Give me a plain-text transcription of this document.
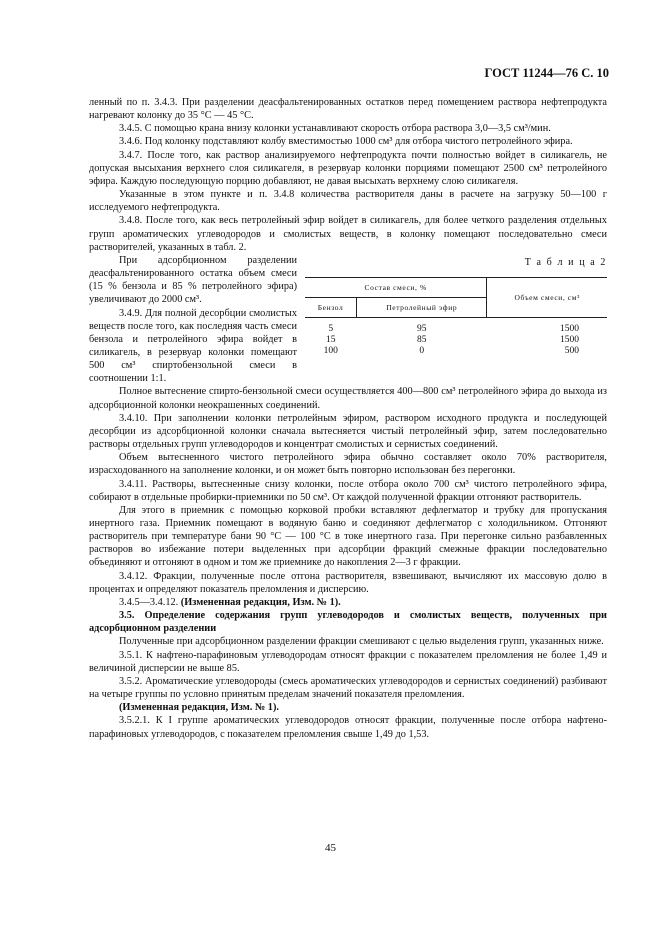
ГОСТ 11244—76 С. 10

ленный по п. 3.4.3. При разделении деасфальтенированных остатков перед помещением раствора нефтепродукта нагревают колонку до 35 °С — 45 °С.

3.4.5. С помощью крана внизу колонки устанавливают скорость отбора раствора 3,0—3,5 см³/мин.

3.4.6. Под колонку подставляют колбу вместимостью 1000 см³ для отбора чистого петролейного эфира.

3.4.7. После того, как раствор анализируемого нефтепродукта почти полностью войдет в силикагель, не допуская высыхания верхнего слоя силикагеля, в резервуар колонки порциями помещают 2500 см³ петролейного эфира. Каждую последующую порцию добавляют, не давая высыхать верхнему слою силикагеля.

Указанные в этом пункте и п. 3.4.8 количества растворителя даны в расчете на загрузку 50—100 г исследуемого нефтепродукта.

3.4.8. После того, как весь петролейный эфир войдет в силикагель, для более четкого разделения отдельных групп ароматических углеводородов и смолистых веществ, в колонку помещают последовательно смеси растворителей, указанных в табл. 2.

Т а б л и ц а 2
Состав смеси, %		Объем смеси, см³
Бензол	Петролейный эфир	
5	95	1500
15	85	1500
100	0	500

При адсорбционном разделении деасфальтенированного остатка объем смеси (15 % бензола и 85 % петролейного эфира) увеличивают до 2000 см³.

3.4.9. Для полной десорбции смолистых веществ после того, как последняя часть смеси бензола и петролейного эфира войдет в силикагель, в резервуар колонки помещают 500 см³ спиртобензольной смеси в соотношении 1:1.

Полное вытеснение спирто-бензольной смеси осуществляется 400—800 см³ петролейного эфира до выхода из адсорбционной колонки неокрашенных соединений.

3.4.10. При заполнении колонки петролейным эфиром, раствором исходного продукта и последующей десорбции из адсорбционной колонки сначала вытесняется чистый петролейный эфир, затем последовательно растворы отдельных групп углеводородов и концентрат смолистых и сернистых соединений.

Объем вытесненного чистого петролейного эфира обычно составляет около 70% растворителя, израсходованного на заполнение колонки, и он может быть повторно использован без перегонки.

3.4.11. Растворы, вытесненные снизу колонки, после отбора около 700 см³ чистого петролейного эфира, собирают в отдельные пробирки-приемники по 50 см³. От каждой полученной фракции отгоняют растворитель.

Для этого в приемник с помощью корковой пробки вставляют дефлегматор и трубку для пропускания инертного газа. Приемник помещают в водяную баню и соединяют дефлегматор с холодильником. Отгоняют растворитель при температуре бани 90 °С — 100 °С в токе инертного газа. При перегонке сильно разбавленных растворов во избежание потери выделенных при адсорбции фракций смежные фракции последовательно объединяют и отгоняют в одном и том же приемнике до накопления 2—3 г фракции.

3.4.12. Фракции, полученные после отгона растворителя, взвешивают, вычисляют их массовую долю в процентах и определяют показатель преломления и дисперсию.

3.4.5—3.4.12. (Измененная редакция, Изм. № 1).

3.5. Определение содержания групп углеводородов и смолистых веществ, полученных при адсорбционном разделении

Полученные при адсорбционном разделении фракции смешивают с целью выделения групп, указанных ниже.

3.5.1. К нафтено-парафиновым углеводородам относят фракции с показателем преломления не более 1,49 и величиной дисперсии не выше 85.

3.5.2. Ароматические углеводороды (смесь ароматических углеводородов и сернистых соединений) разбивают на четыре группы по условно принятым пределам значений показателя преломления.

(Измененная редакция, Изм. № 1).

3.5.2.1. К I группе ароматических углеводородов относят фракции, полученные после отбора нафтено-парафиновых углеводородов, с показателем преломления свыше 1,49 до 1,53.

45
